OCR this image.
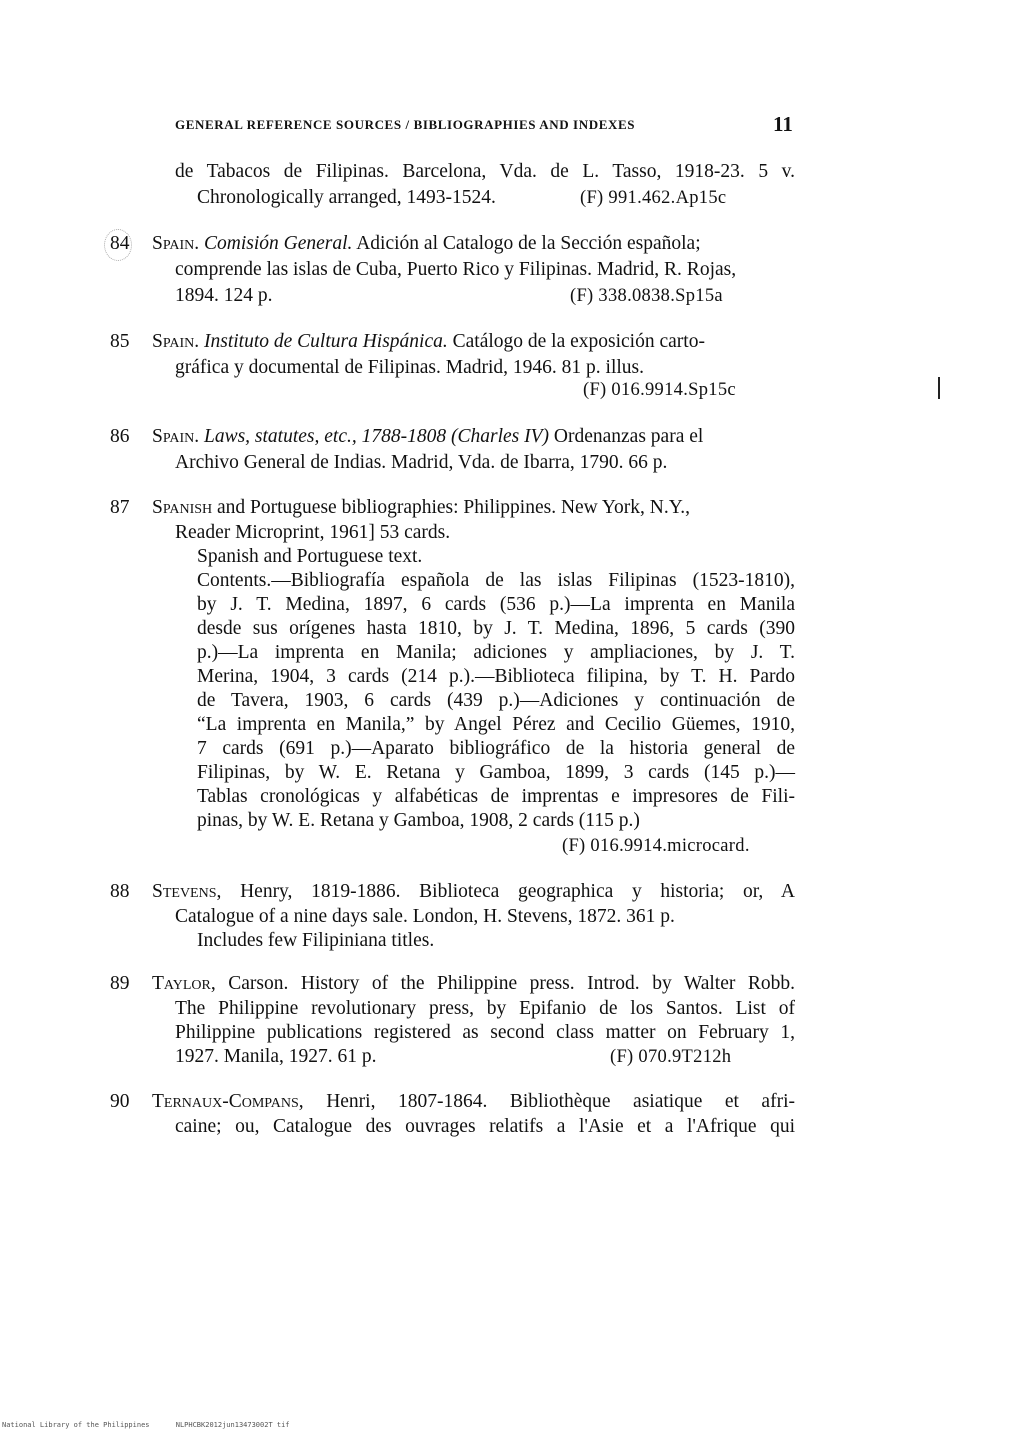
GENERAL REFERENCE SOURCES / BIBLIOGRAPHIES AND INDEXES	11
de Tabacos de Filipinas. Barcelona, Vda. de L. Tasso, 1918-23. 5 v.
Chronologically arranged, 1493-1524.	(F) 991.462.Ap15c
84 Spain. Comisión General. Adición al Catalogo de la Sección española;
comprende las islas de Cuba, Puerto Rico y Filipinas. Madrid, R. Rojas,
1894. 124 p.	(F) 338.0838.Sp15a
85 Spain. Instituto de Cultura Hispánica. Catálogo de la exposición carto-
gráfica y documental de Filipinas. Madrid, 1946. 81 p. illus.
(F) 016.9914.Sp15c
86 Spain. Laws, statutes, etc., 1788-1808 (Charles IV) Ordenanzas para el
Archivo General de Indias. Madrid, Vda. de Ibarra, 1790. 66 p.
87 Spanish and Portuguese bibliographies: Philippines. New York, N.Y.,
Reader Microprint, 1961] 53 cards.
Spanish and Portuguese text.
Contents.—Bibliografía española de las islas Filipinas (1523-1810),
by J. T. Medina, 1897, 6 cards (536 p.)—La imprenta en Manila
desde sus orígenes hasta 1810, by J. T. Medina, 1896, 5 cards (390
p.)—La imprenta en Manila; adiciones y ampliaciones, by J. T.
Merina, 1904, 3 cards (214 p.).—Biblioteca filipina, by T. H. Pardo
de Tavera, 1903, 6 cards (439 p.)—Adiciones y continuación de
“La imprenta en Manila,” by Angel Pérez and Cecilio Güemes, 1910,
7 cards (691 p.)—Aparato bibliográfico de la historia general de
Filipinas, by W. E. Retana y Gamboa, 1899, 3 cards (145 p.)—
Tablas cronológicas y alfabéticas de imprentas e impresores de Fili-
pinas, by W. E. Retana y Gamboa, 1908, 2 cards (115 p.)
(F) 016.9914.microcard.
88 Stevens, Henry, 1819-1886. Biblioteca geographica y historia; or, A
Catalogue of a nine days sale. London, H. Stevens, 1872. 361 p.
Includes few Filipiniana titles.
89 Taylor, Carson. History of the Philippine press. Introd. by Walter Robb.
The Philippine revolutionary press, by Epifanio de los Santos. List of
Philippine publications registered as second class matter on February 1,
1927. Manila, 1927. 61 p.	(F) 070.9T212h
90 Ternaux-Compans, Henri, 1807-1864. Bibliothèque asiatique et afri-
caine; ou, Catalogue des ouvrages relatifs a l'Asie et a l'Afrique qui
National Library of the Philippines	NLPHCBK2012jun13473002T tif
